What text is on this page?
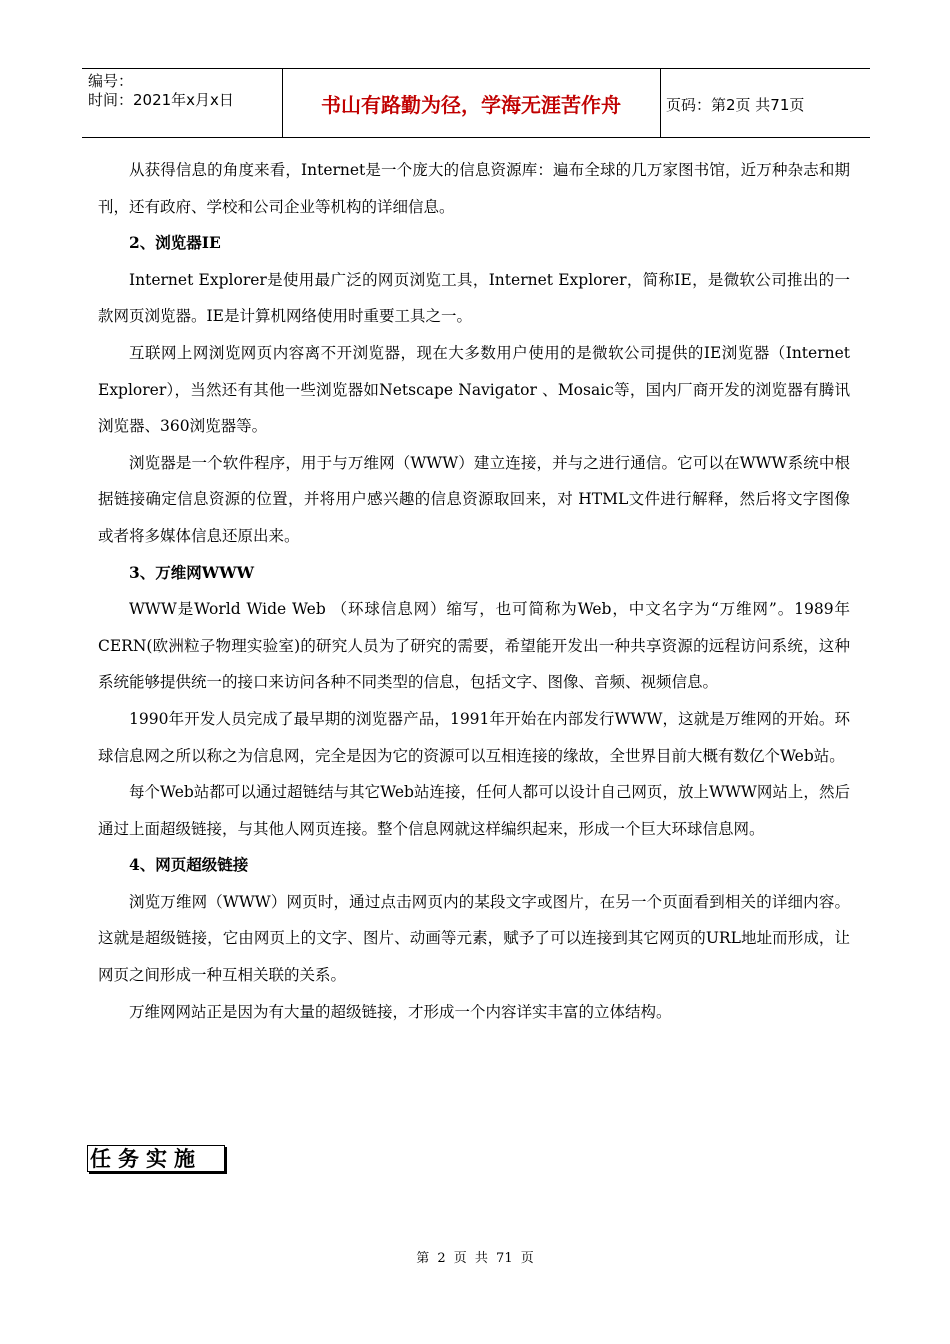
编号：
时间：2021年x月x日	书山有路勤为径，学海无涯苦作舟	页码：第2页 共71页

从获得信息的角度来看，Internet是一个庞大的信息资源库：遍布全球的几万家图书馆，近万种杂志和期刊，还有政府、学校和公司企业等机构的详细信息。

2、浏览器IE

Internet Explorer是使用最广泛的网页浏览工具，Internet Explorer，简称IE，是微软公司推出的一款网页浏览器。IE是计算机网络使用时重要工具之一。

互联网上网浏览网页内容离不开浏览器，现在大多数用户使用的是微软公司提供的IE浏览器（Internet Explorer），当然还有其他一些浏览器如Netscape Navigator 、Mosaic等，国内厂商开发的浏览器有腾讯浏览器、360浏览器等。

浏览器是一个软件程序，用于与万维网（WWW）建立连接，并与之进行通信。它可以在WWW系统中根据链接确定信息资源的位置，并将用户感兴趣的信息资源取回来，对 HTML文件进行解释，然后将文字图像或者将多媒体信息还原出来。

3、万维网WWW

WWW是World Wide Web （环球信息网）缩写，也可简称为Web，中文名字为“万维网”。1989年CERN(欧洲粒子物理实验室)的研究人员为了研究的需要，希望能开发出一种共享资源的远程访问系统，这种系统能够提供统一的接口来访问各种不同类型的信息，包括文字、图像、音频、视频信息。

1990年开发人员完成了最早期的浏览器产品，1991年开始在内部发行WWW，这就是万维网的开始。环球信息网之所以称之为信息网，完全是因为它的资源可以互相连接的缘故，全世界目前大概有数亿个Web站。

每个Web站都可以通过超链结与其它Web站连接，任何人都可以设计自己网页，放上WWW网站上，然后通过上面超级链接，与其他人网页连接。整个信息网就这样编织起来，形成一个巨大环球信息网。

4、网页超级链接

浏览万维网（WWW）网页时，通过点击网页内的某段文字或图片，在另一个页面看到相关的详细内容。这就是超级链接，它由网页上的文字、图片、动画等元素，赋予了可以连接到其它网页的URL地址而形成，让网页之间形成一种互相关联的关系。

万维网网站正是因为有大量的超级链接，才形成一个内容详实丰富的立体结构。

任务实施
第 2 页 共 71 页
